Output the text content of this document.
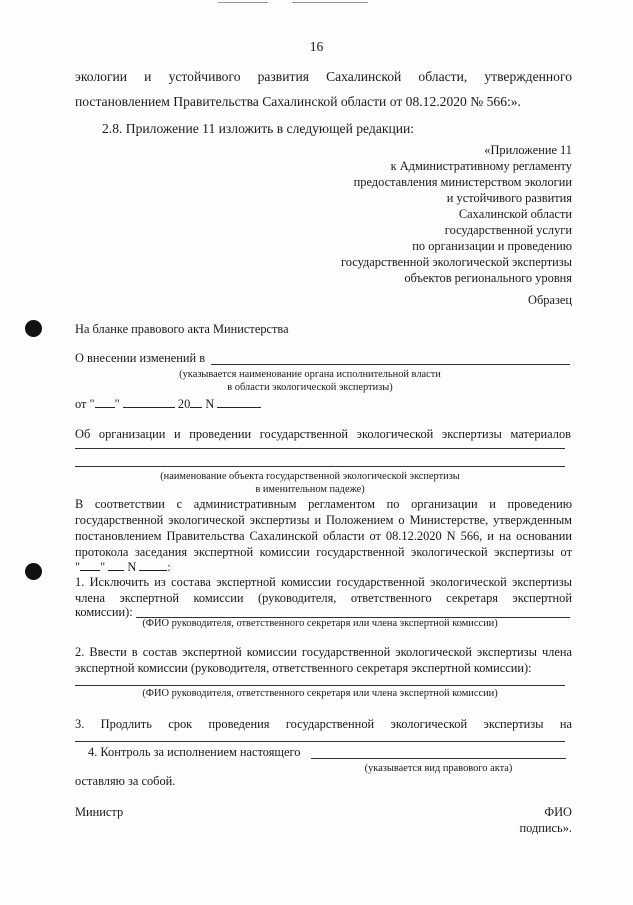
16
экологии и устойчивого развития Сахалинской области, утвержденного
постановлением Правительства Сахалинской области от 08.12.2020 № 566:».
2.8. Приложение 11 изложить в следующей редакции:
«Приложение 11
к Административному регламенту
предоставления министерством экологии
и устойчивого развития
Сахалинской области
государственной услуги
по организации и проведению
государственной экологической экспертизы
объектов регионального уровня
Образец
На бланке правового акта Министерства
О внесении изменений в
(указывается наименование органа исполнительной власти
в области экологической экспертизы)
от " "	20 N
Об организации и проведении государственной экологической экспертизы материалов
(наименование объекта государственной экологической экспертизы
в именительном падеже)
В соответствии с административным регламентом по организации и проведению
государственной экологической экспертизы и Положением о Министерстве, утвержденным
постановлением Правительства Сахалинской области от 08.12.2020 N 566, и на основании
протокола заседания экспертной комиссии государственной экологической экспертизы от
" " N	:
1. Исключить из состава экспертной комиссии государственной экологической экспертизы
члена экспертной комиссии (руководителя, ответственного секретаря экспертной
комиссии):
(ФИО руководителя, ответственного секретаря или члена экспертной комиссии)
2. Ввести в состав экспертной комиссии государственной экологической экспертизы члена
экспертной комиссии (руководителя, ответственного секретаря экспертной комиссии):
(ФИО руководителя, ответственного секретаря или члена экспертной комиссии)
3. Продлить срок проведения государственной экологической экспертизы на
4. Контроль за исполнением настоящего
(указывается вид правового акта)
оставляю за собой.
Министр	ФИО
подпись».
